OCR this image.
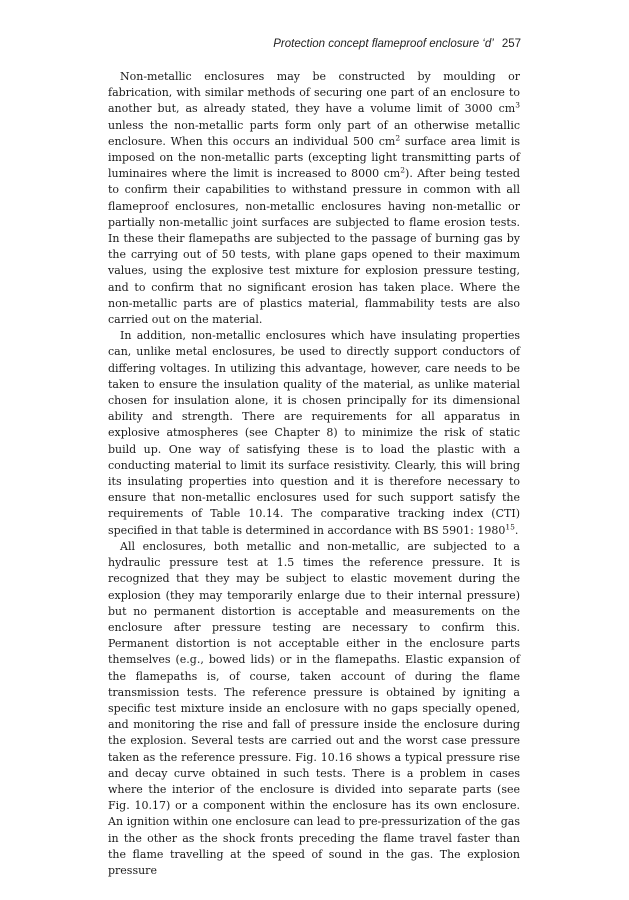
Protection concept flameproof enclosure ‘d’ 257

Non-metallic enclosures may be constructed by moulding or fabrication, with similar methods of securing one part of an enclosure to another but, as already stated, they have a volume limit of 3000 $cm^3$ unless the non-metallic parts form only part of an otherwise metallic enclosure. When this occurs an individual 500 $cm^2$ surface area limit is imposed on the non-metallic parts (excepting light transmitting parts of luminaires where the limit is increased to 8000 $cm^2$). After being tested to confirm their capabilities to withstand pressure in common with all flameproof enclosures, non-metallic enclosures having non-metallic or partially non-metallic joint surfaces are subjected to flame erosion tests. In these their flamepaths are subjected to the passage of burning gas by the carrying out of 50 tests, with plane gaps opened to their maximum values, using the explosive test mixture for explosion pressure testing, and to confirm that no significant erosion has taken place. Where the non-metallic parts are of plastics material, flammability tests are also carried out on the material.

In addition, non-metallic enclosures which have insulating properties can, unlike metal enclosures, be used to directly support conductors of differing voltages. In utilizing this advantage, however, care needs to be taken to ensure the insulation quality of the material, as unlike material chosen for insulation alone, it is chosen principally for its dimensional ability and strength. There are requirements for all apparatus in explosive atmospheres (see Chapter 8) to minimize the risk of static build up. One way of satisfying these is to load the plastic with a conducting material to limit its surface resistivity. Clearly, this will bring its insulating properties into question and it is therefore necessary to ensure that non-metallic enclosures used for such support satisfy the requirements of Table 10.14. The comparative tracking index (CTI) specified in that table is determined in accordance with BS 5901: 1980$^{15}$.

All enclosures, both metallic and non-metallic, are subjected to a hydraulic pressure test at 1.5 times the reference pressure. It is recognized that they may be subject to elastic movement during the explosion (they may temporarily enlarge due to their internal pressure) but no permanent distortion is acceptable and measurements on the enclosure after pressure testing are necessary to confirm this. Permanent distortion is not acceptable either in the enclosure parts themselves (e.g., bowed lids) or in the flamepaths. Elastic expansion of the flamepaths is, of course, taken account of during the flame transmission tests. The reference pressure is obtained by igniting a specific test mixture inside an enclosure with no gaps specially opened, and monitoring the rise and fall of pressure inside the enclosure during the explosion. Several tests are carried out and the worst case pressure taken as the reference pressure. Fig. 10.16 shows a typical pressure rise and decay curve obtained in such tests. There is a problem in cases where the interior of the enclosure is divided into separate parts (see Fig. 10.17) or a component within the enclosure has its own enclosure. An ignition within one enclosure can lead to pre-pressurization of the gas in the other as the shock fronts preceding the flame travel faster than the flame travelling at the speed of sound in the gas. The explosion pressure
